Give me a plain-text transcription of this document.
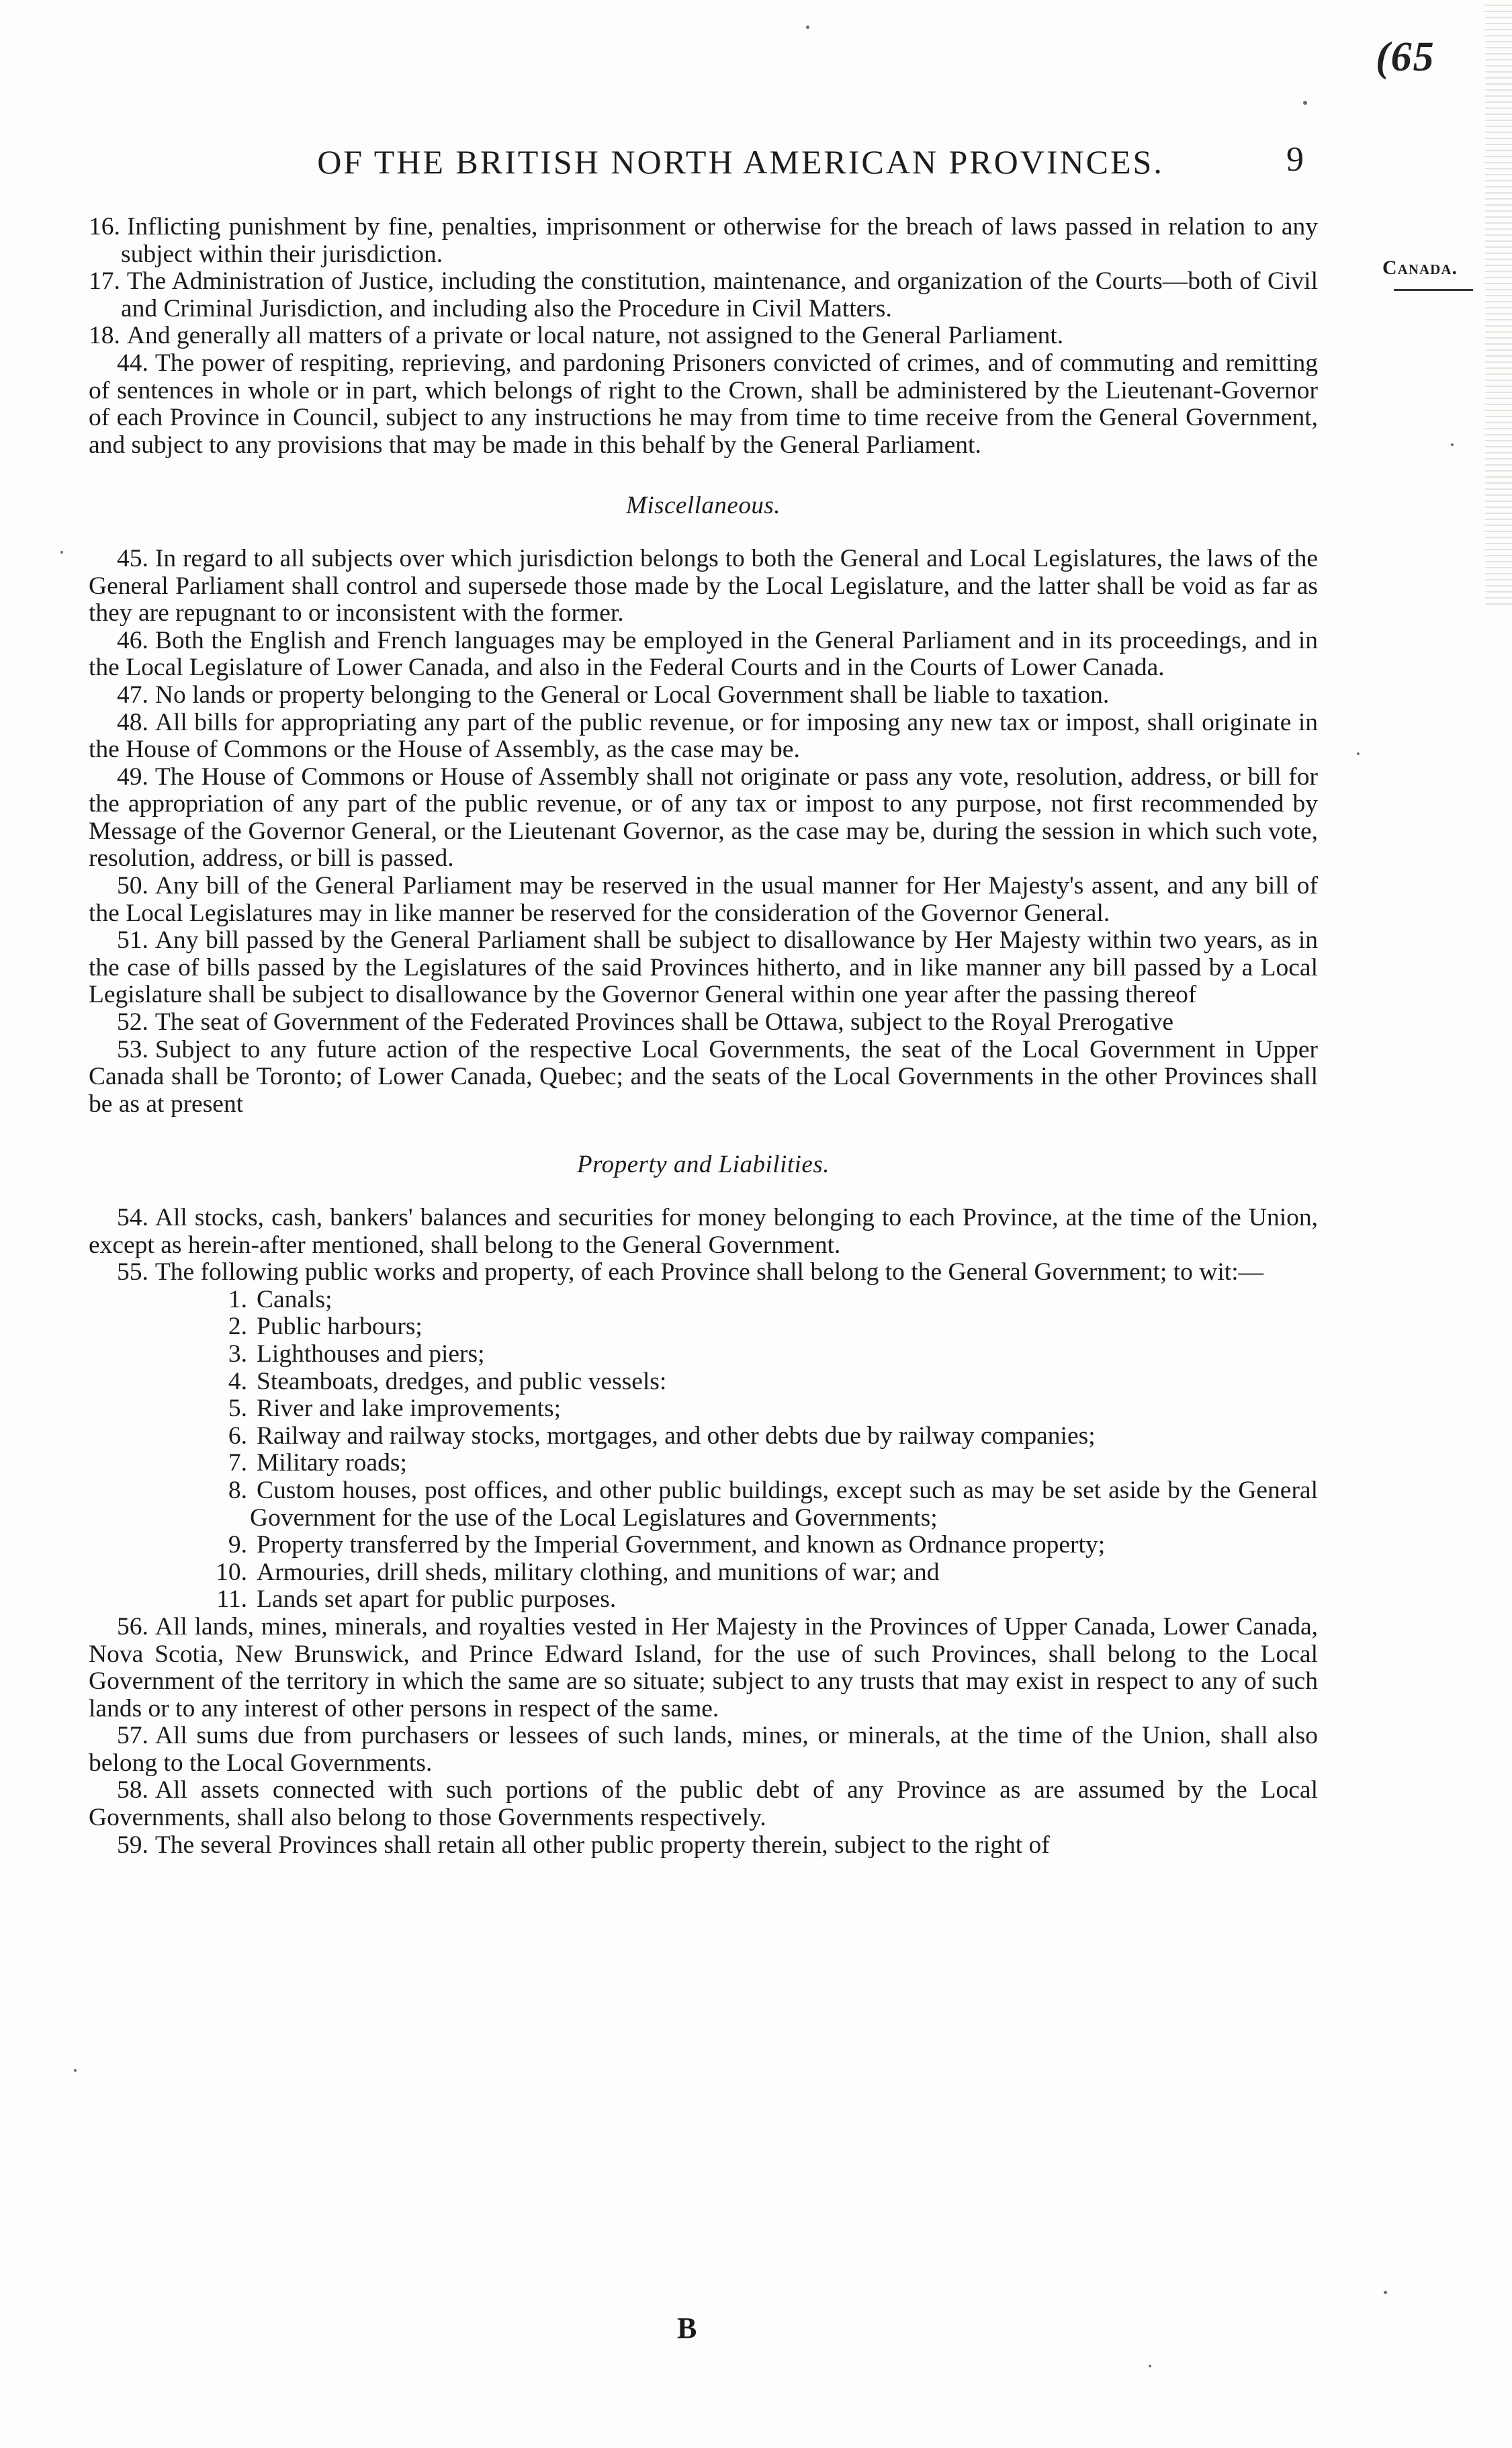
(65
OF THE BRITISH NORTH AMERICAN PROVINCES.	9
Canada.

16. Inflicting punishment by fine, penalties, imprisonment or otherwise for the breach of laws passed in relation to any subject within their jurisdiction.

17. The Administration of Justice, including the constitution, maintenance, and organization of the Courts—both of Civil and Criminal Jurisdiction, and including also the Procedure in Civil Matters.

18. And generally all matters of a private or local nature, not assigned to the General Parliament.

44. The power of respiting, reprieving, and pardoning Prisoners convicted of crimes, and of commuting and remitting of sentences in whole or in part, which belongs of right to the Crown, shall be administered by the Lieutenant-Governor of each Province in Council, subject to any instructions he may from time to time receive from the General Government, and subject to any provisions that may be made in this behalf by the General Parliament.

Miscellaneous.

45. In regard to all subjects over which jurisdiction belongs to both the General and Local Legislatures, the laws of the General Parliament shall control and supersede those made by the Local Legislature, and the latter shall be void as far as they are repugnant to or inconsistent with the former.

46. Both the English and French languages may be employed in the General Parliament and in its proceedings, and in the Local Legislature of Lower Canada, and also in the Federal Courts and in the Courts of Lower Canada.

47. No lands or property belonging to the General or Local Government shall be liable to taxation.

48. All bills for appropriating any part of the public revenue, or for imposing any new tax or impost, shall originate in the House of Commons or the House of Assembly, as the case may be.

49. The House of Commons or House of Assembly shall not originate or pass any vote, resolution, address, or bill for the appropriation of any part of the public revenue, or of any tax or impost to any purpose, not first recommended by Message of the Governor General, or the Lieutenant Governor, as the case may be, during the session in which such vote, resolution, address, or bill is passed.

50. Any bill of the General Parliament may be reserved in the usual manner for Her Majesty's assent, and any bill of the Local Legislatures may in like manner be reserved for the consideration of the Governor General.

51. Any bill passed by the General Parliament shall be subject to disallowance by Her Majesty within two years, as in the case of bills passed by the Legislatures of the said Provinces hitherto, and in like manner any bill passed by a Local Legislature shall be subject to disallowance by the Governor General within one year after the passing thereof

52. The seat of Government of the Federated Provinces shall be Ottawa, subject to the Royal Prerogative

53. Subject to any future action of the respective Local Governments, the seat of the Local Government in Upper Canada shall be Toronto; of Lower Canada, Quebec; and the seats of the Local Governments in the other Provinces shall be as at present

Property and Liabilities.

54. All stocks, cash, bankers' balances and securities for money belonging to each Province, at the time of the Union, except as herein-after mentioned, shall belong to the General Government.

55. The following public works and property, of each Province shall belong to the General Government; to wit:—

1. Canals;
2. Public harbours;
3. Lighthouses and piers;
4. Steamboats, dredges, and public vessels:
5. River and lake improvements;
6. Railway and railway stocks, mortgages, and other debts due by railway companies;
7. Military roads;
8. Custom houses, post offices, and other public buildings, except such as may be set aside by the General Government for the use of the Local Legislatures and Governments;
9. Property transferred by the Imperial Government, and known as Ordnance property;
10. Armouries, drill sheds, military clothing, and munitions of war; and
11. Lands set apart for public purposes.

56. All lands, mines, minerals, and royalties vested in Her Majesty in the Provinces of Upper Canada, Lower Canada, Nova Scotia, New Brunswick, and Prince Edward Island, for the use of such Provinces, shall belong to the Local Government of the territory in which the same are so situate; subject to any trusts that may exist in respect to any of such lands or to any interest of other persons in respect of the same.

57. All sums due from purchasers or lessees of such lands, mines, or minerals, at the time of the Union, shall also belong to the Local Governments.

58. All assets connected with such portions of the public debt of any Province as are assumed by the Local Governments, shall also belong to those Governments respectively.

59. The several Provinces shall retain all other public property therein, subject to the right of

B
